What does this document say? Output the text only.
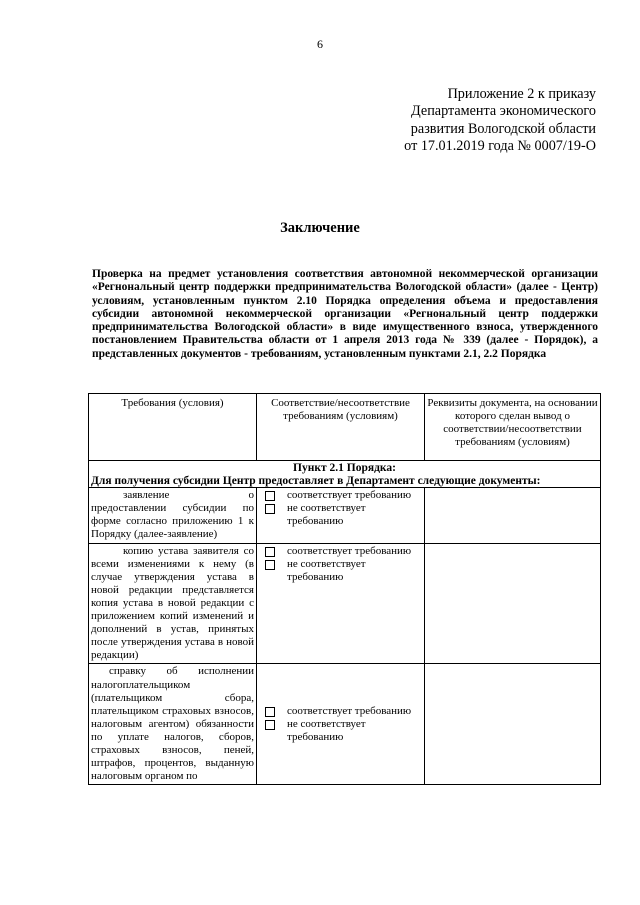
6
Приложение 2 к приказу
Департамента экономического
развития Вологодской области
от 17.01.2019 года № 0007/19-О
Заключение
Проверка на предмет установления соответствия автономной некоммерческой организации «Регнональный центр поддержки предпринимательства Вологодской области» (далее - Центр) условиям, установленным пунктом 2.10 Порядка определения объема и предоставления субсидии автономной некоммерческой организации «Регнональный центр поддержки предпринимательства Вологодской области» в виде имущественного взноса, утвержденного постановлением Правительства области от 1 апреля 2013 года № 339 (далее - Порядок), а представленных документов - требованиям, установленным пунктами 2.1, 2.2 Порядка
Требования (условия)	Соответствие/несоответствие требованиям (условиям)	Реквизиты документа, на основании которого сделан вывод о соответствии/несоответствии требованиям (условиям)
Пункт 2.1 Порядка:
Для получения субсидии Центр предоставляет в Департамент следующие документы:		

заявление о предоставлении субсидии по форме согласно приложению 1 к Порядку (далее-заявление)	соответствует требованию
не соответствует требованию	

копию устава заявителя со всеми изменениями к нему (в случае утверждения устава в новой редакции представляется копия устава в новой редакции с приложением копий изменений и дополнений в устав, принятых после утверждения устава в новой редакции)	соответствует требованию
не соответствует требованию	

справку об исполнении налогоплательщиком (плательщиком сбора, плательщиком страховых взносов, налоговым агентом) обязанности по уплате налогов, сборов, страховых взносов, пеней, штрафов, процентов, выданную налоговым органом по	соответствует требованию
не соответствует требованию	
